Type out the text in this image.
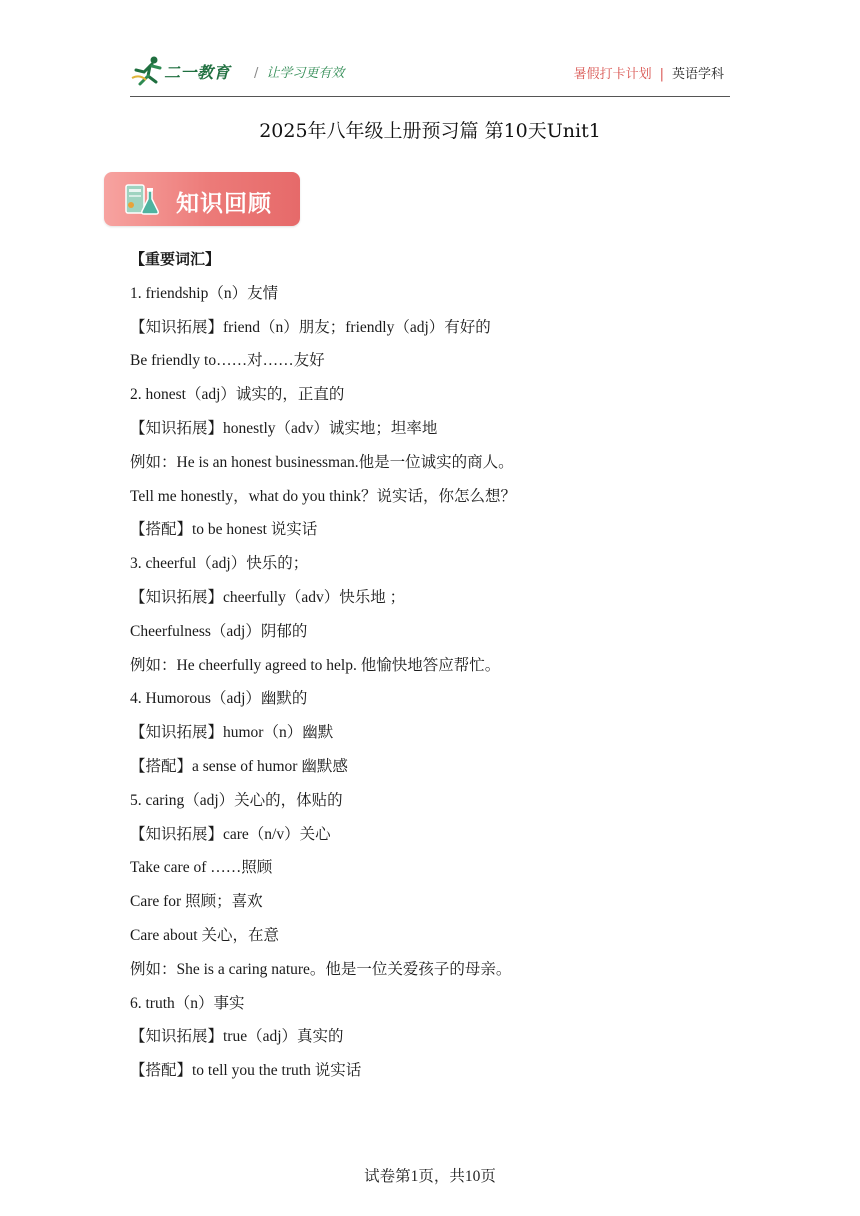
二一教育 / 让学习更有效	暑假打卡计划 | 英语学科
2025年八年级上册预习篇 第10天Unit1
知识回顾
【重要词汇】
1. friendship（n）友情
【知识拓展】friend（n）朋友；friendly（adj）有好的
Be friendly to……对……友好
2. honest（adj）诚实的，正直的
【知识拓展】honestly（adv）诚实地；坦率地
例如：He is an honest businessman.他是一位诚实的商人。
Tell me honestly，what do you think？说实话，你怎么想？
【搭配】to be honest 说实话
3. cheerful（adj）快乐的；
【知识拓展】cheerfully（adv）快乐地 ；
Cheerfulness（adj）阴郁的
例如：He cheerfully agreed to help. 他愉快地答应帮忙。
4. Humorous（adj）幽默的
【知识拓展】humor（n）幽默
【搭配】a sense of humor 幽默感
5. caring（adj）关心的，体贴的
【知识拓展】care（n/v）关心
Take care of ……照顾
Care for 照顾；喜欢
Care about 关心，在意
例如：She is a caring nature。他是一位关爱孩子的母亲。
6. truth（n）事实
【知识拓展】true（adj）真实的
【搭配】to tell you the truth 说实话
试卷第1页，共10页
